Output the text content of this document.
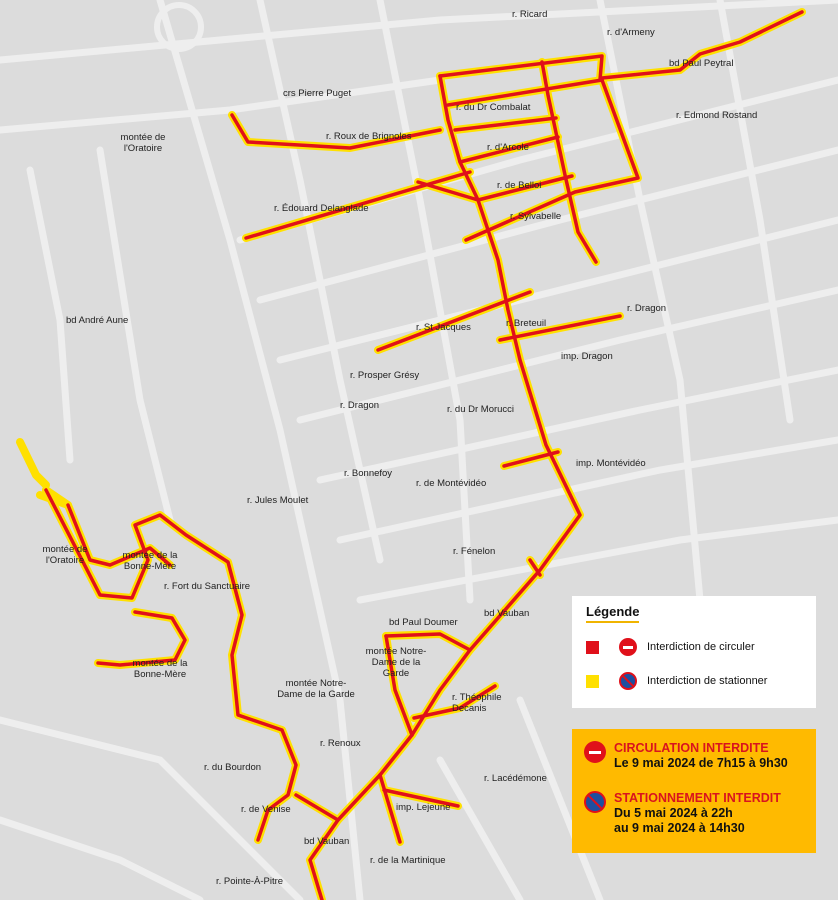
r. Ricard
r. d'Armeny
bd Paul Peytral
crs Pierre Puget
r. du Dr Combalat
r. Edmond Rostand
montée de l'Oratoire
r. Roux de Brignoles
r. d'Arcole
r. de Belloi
r. Édouard Delanglade
r. Sylvabelle
bd André Aune
r. Dragon
r. St Jacques	r. Breteuil
imp. Dragon
r. Prosper Grésy
r. Dragon	r. du Dr Morucci
r. Bonnefoy
r. de Montévidéo
imp. Montévidéo
r. Jules Moulet
montée de l'Oratoire	montée de la Bonne-Mère
r. Fénelon
r. Fort du Sanctuaire
bd Paul Doumer
bd Vauban
montée Notre-Dame de la Garde
montée de la Bonne-Mère
montée Notre-Dame de la Garde	r. Théophile Decanis
r. Renoux
r. Lacédémone
r. du Bourdon
r. de Venise	imp. Lejeune
bd Vauban
r. de la Martinique
r. Pointe-À-Pitre
Légende
Interdiction de circuler
Interdiction de stationner
CIRCULATION INTERDITE
Le 9 mai 2024 de 7h15 à 9h30
STATIONNEMENT INTERDIT
Du 5 mai 2024 à 22h
au 9 mai 2024 à 14h30
